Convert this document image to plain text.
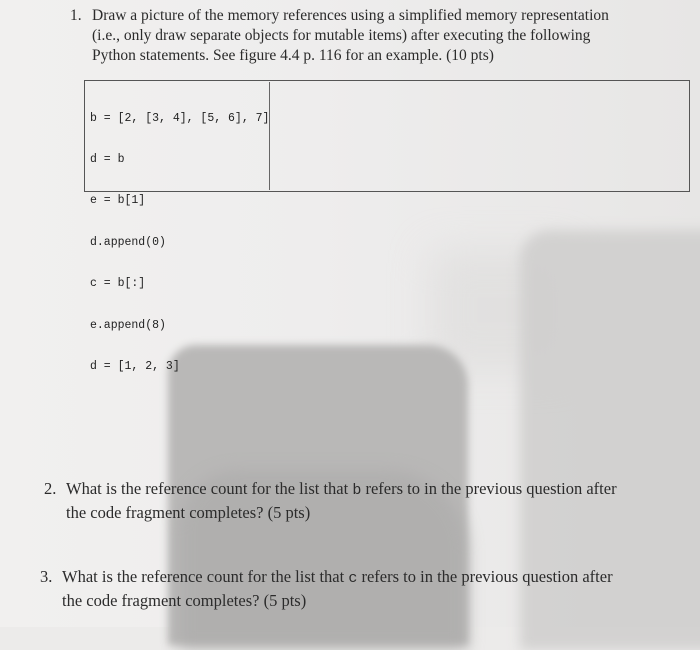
1. Draw a picture of the memory references using a simplified memory representation
(i.e., only draw separate objects for mutable items) after executing the following
Python statements. See figure 4.4 p. 116 for an example. (10 pts)

b = [2, [3, 4], [5, 6], 7]

d = b

e = b[1]

d.append(0)

c = b[:]

e.append(8)

d = [1, 2, 3]

2. What is the reference count for the list that b refers to in the previous question after
the code fragment completes? (5 pts)
3. What is the reference count for the list that c refers to in the previous question after
the code fragment completes? (5 pts)
